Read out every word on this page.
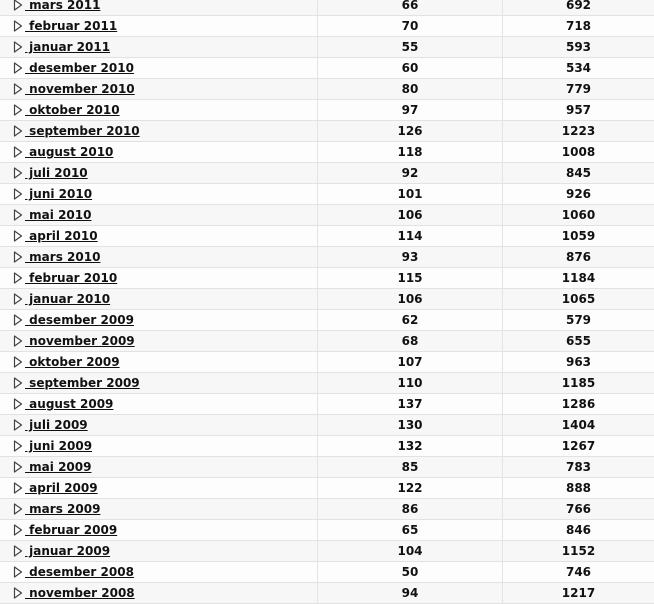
mars 2011	66	692
februar 2011	70	718
januar 2011	55	593
desember 2010	60	534
november 2010	80	779
oktober 2010	97	957
september 2010	126	1223
august 2010	118	1008
juli 2010	92	845
juni 2010	101	926
mai 2010	106	1060
april 2010	114	1059
mars 2010	93	876
februar 2010	115	1184
januar 2010	106	1065
desember 2009	62	579
november 2009	68	655
oktober 2009	107	963
september 2009	110	1185
august 2009	137	1286
juli 2009	130	1404
juni 2009	132	1267
mai 2009	85	783
april 2009	122	888
mars 2009	86	766
februar 2009	65	846
januar 2009	104	1152
desember 2008	50	746
november 2008	94	1217
